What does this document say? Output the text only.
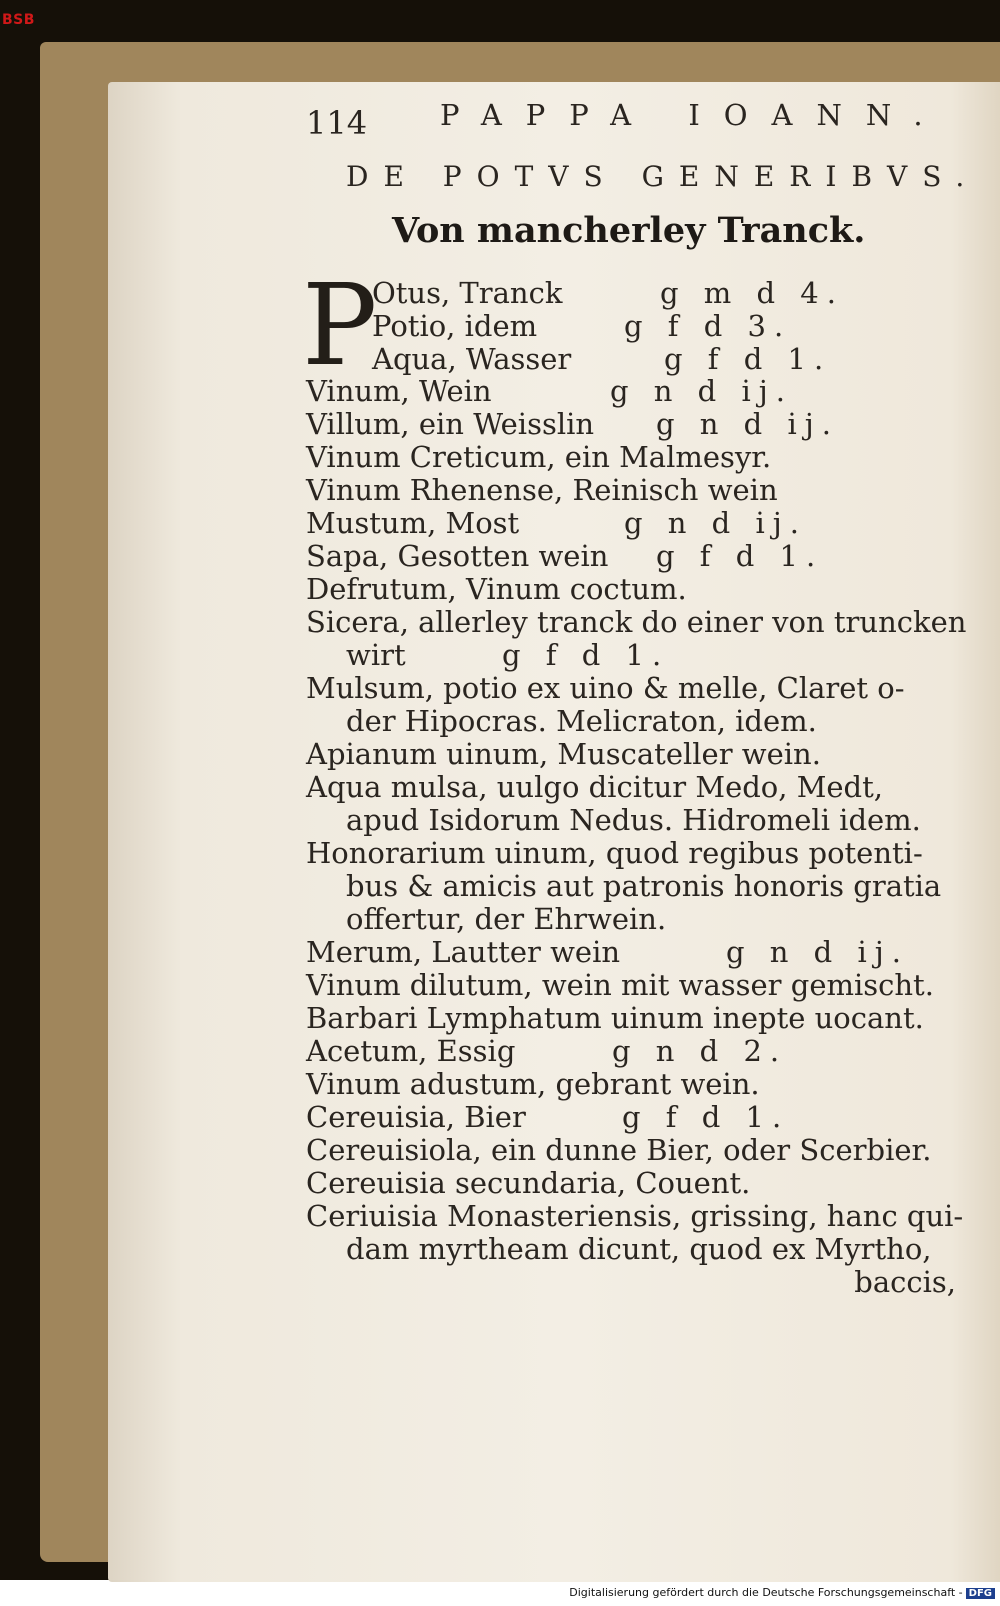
BSB
114	PAPPA IOANN.
DE POTVS GENERIBVS.
Von mancherley Tranck.
P
Otus, Tranck	g m d 4.
Potio, idem	g f d 3.
Aqua, Wasser	g f d 1.
Vinum, Wein	g n d ij.
Villum, ein Weisslin g n d ij.
Vinum Creticum, ein Malmesyr.
Vinum Rhenense, Reinisch wein
Mustum, Most	g n d ij.
Sapa, Gesotten wein g f d 1.
Defrutum, Vinum coctum.
Sicera, allerley tranck do einer von truncken
wirt	g f d 1.
Mulsum, potio ex uino & melle, Claret o-
der Hipocras. Melicraton, idem.
Apianum uinum, Muscateller wein.
Aqua mulsa, uulgo dicitur Medo, Medt,
apud Isidorum Nedus. Hidromeli idem.
Honorarium uinum, quod regibus potenti-
bus & amicis aut patronis honoris gratia
offertur, der Ehrwein.
Merum, Lautter wein	g n d ij.
Vinum dilutum, wein mit wasser gemischt.
Barbari Lymphatum uinum inepte uocant.
Acetum, Essig	g n d 2.
Vinum adustum, gebrant wein.
Cereuisia, Bier	g f d 1.
Cereuisiola, ein dunne Bier, oder Scerbier.
Cereuisia secundaria, Couent.
Ceriuisia Monasteriensis, grissing, hanc qui-
dam myrtheam dicunt, quod ex Myrtho,
baccis,
Digitalisierung gefördert durch die Deutsche Forschungsgemeinschaft - DFG
